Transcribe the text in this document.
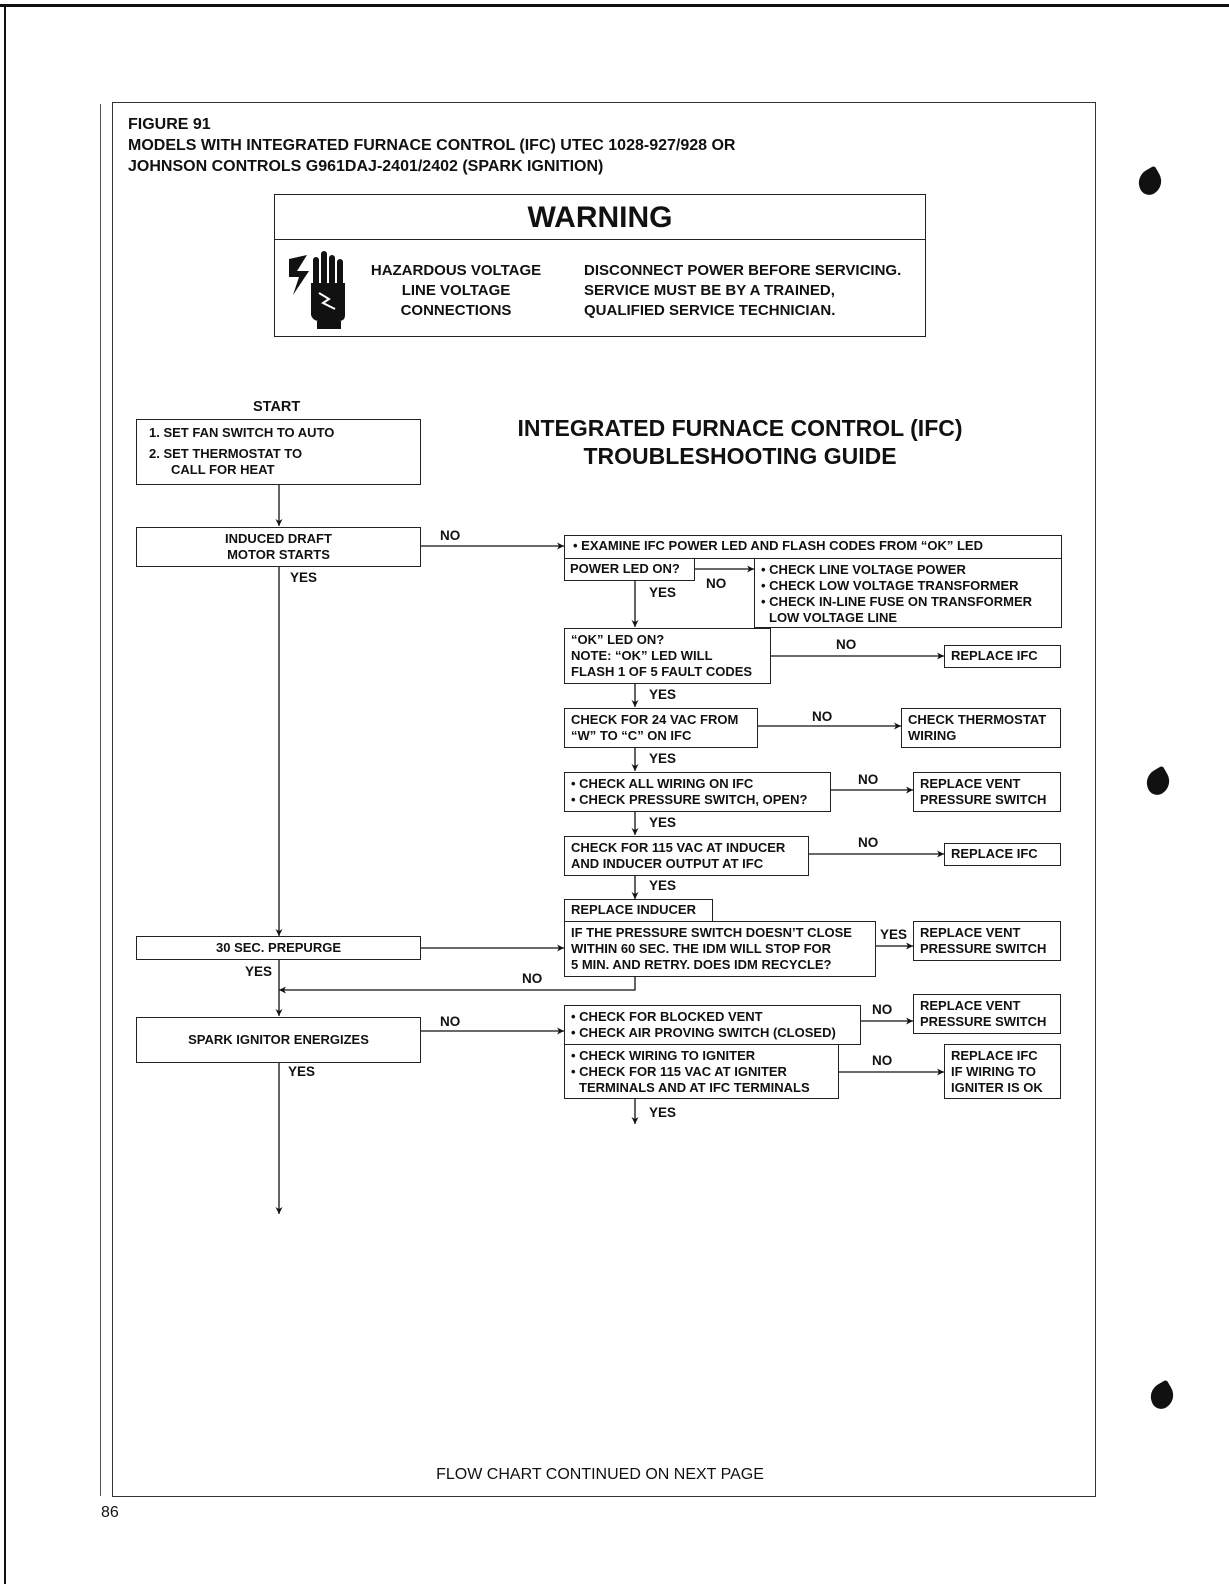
FIGURE 91
MODELS WITH INTEGRATED FURNACE CONTROL (IFC) UTEC 1028-927/928 OR
JOHNSON CONTROLS G961DAJ-2401/2402 (SPARK IGNITION)
WARNING
HAZARDOUS VOLTAGE
LINE VOLTAGE
CONNECTIONS
DISCONNECT POWER BEFORE SERVICING.
SERVICE MUST BE BY A TRAINED,
QUALIFIED SERVICE TECHNICIAN.
INTEGRATED FURNACE CONTROL (IFC)
TROUBLESHOOTING GUIDE
START
1. SET FAN SWITCH TO AUTO
2. SET THERMOSTAT TO
CALL FOR HEAT
INDUCED DRAFT
MOTOR STARTS
NO
YES
• EXAMINE IFC POWER LED AND FLASH CODES FROM “OK” LED
POWER LED ON?	• CHECK LINE VOLTAGE POWER
• CHECK LOW VOLTAGE TRANSFORMER
• CHECK IN-LINE FUSE ON TRANSFORMER
LOW VOLTAGE LINE
NO
YES
“OK” LED ON?
NOTE: “OK” LED WILL
FLASH 1 OF 5 FAULT CODES
NO
REPLACE IFC
YES
CHECK FOR 24 VAC FROM
“W” TO “C” ON IFC
NO	CHECK THERMOSTAT
WIRING
YES
• CHECK ALL WIRING ON IFC
• CHECK PRESSURE SWITCH, OPEN?
NO	REPLACE VENT
PRESSURE SWITCH
YES
CHECK FOR 115 VAC AT INDUCER
AND INDUCER OUTPUT AT IFC
NO
REPLACE IFC
YES
REPLACE INDUCER
IF THE PRESSURE SWITCH DOESN’T CLOSE
WITHIN 60 SEC. THE IDM WILL STOP FOR
5 MIN. AND RETRY. DOES IDM RECYCLE?
YES REPLACE VENT
PRESSURE SWITCH
NO
30 SEC. PREPURGE
YES
SPARK IGNITOR ENERGIZES
NO
YES
• CHECK FOR BLOCKED VENT
• CHECK AIR PROVING SWITCH (CLOSED)
NO REPLACE VENT
PRESSURE SWITCH
• CHECK WIRING TO IGNITER
• CHECK FOR 115 VAC AT IGNITER
TERMINALS AND AT IFC TERMINALS
NO	REPLACE IFC
IF WIRING TO
IGNITER IS OK
YES
FLOW CHART CONTINUED ON NEXT PAGE
86
